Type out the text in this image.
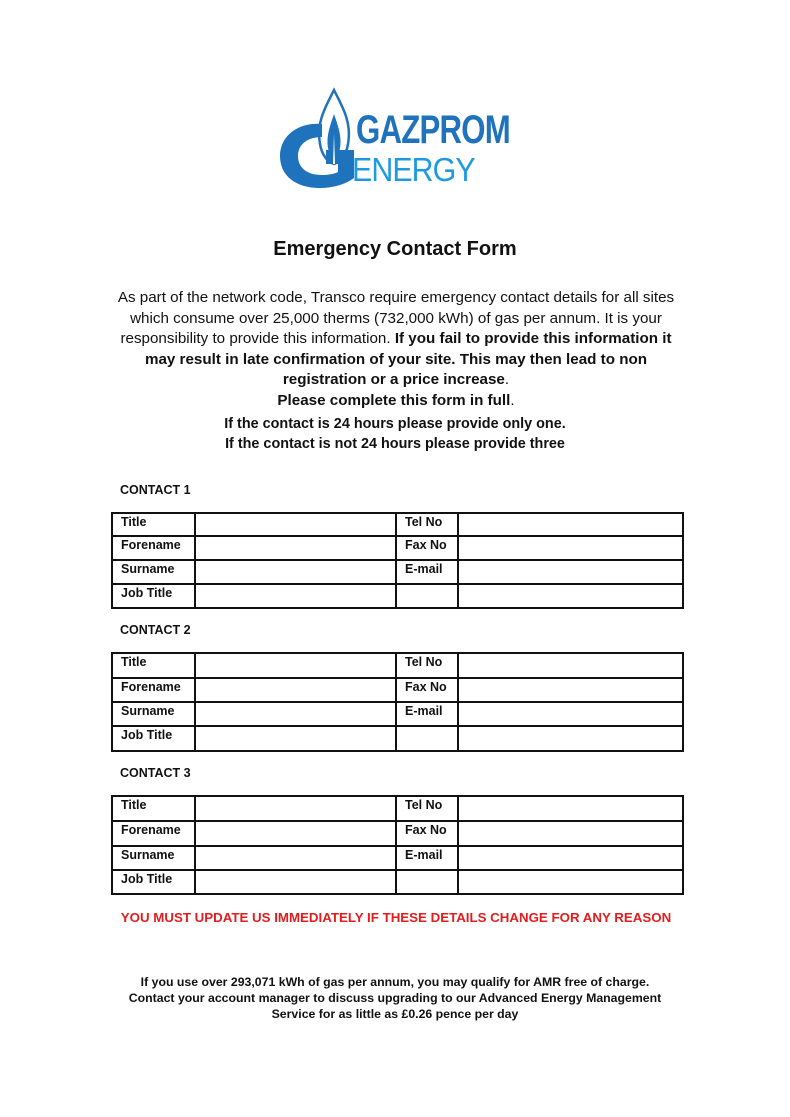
GAZPROM
ENERGY
Emergency Contact Form
As part of the network code, Transco require emergency contact details for all sites which consume over 25,000 therms (732,000 kWh) of gas per annum. It is your responsibility to provide this information. If you fail to provide this information it may result in late confirmation of your site. This may then lead to non registration or a price increase.
Please complete this form in full.
If the contact is 24 hours please provide only one.
If the contact is not 24 hours please provide three
CONTACT 1
Title		Tel No	
Forename		Fax No	
Surname		E-mail	
Job Title			
CONTACT 2
Title		Tel No	
Forename		Fax No	
Surname		E-mail	
Job Title			
CONTACT 3
Title		Tel No	
Forename		Fax No	
Surname		E-mail	
Job Title			
YOU MUST UPDATE US IMMEDIATELY IF THESE DETAILS CHANGE FOR ANY REASON
If you use over 293,071 kWh of gas per annum, you may qualify for AMR free of charge. Contact your account manager to discuss upgrading to our Advanced Energy Management Service for as little as £0.26 pence per day
